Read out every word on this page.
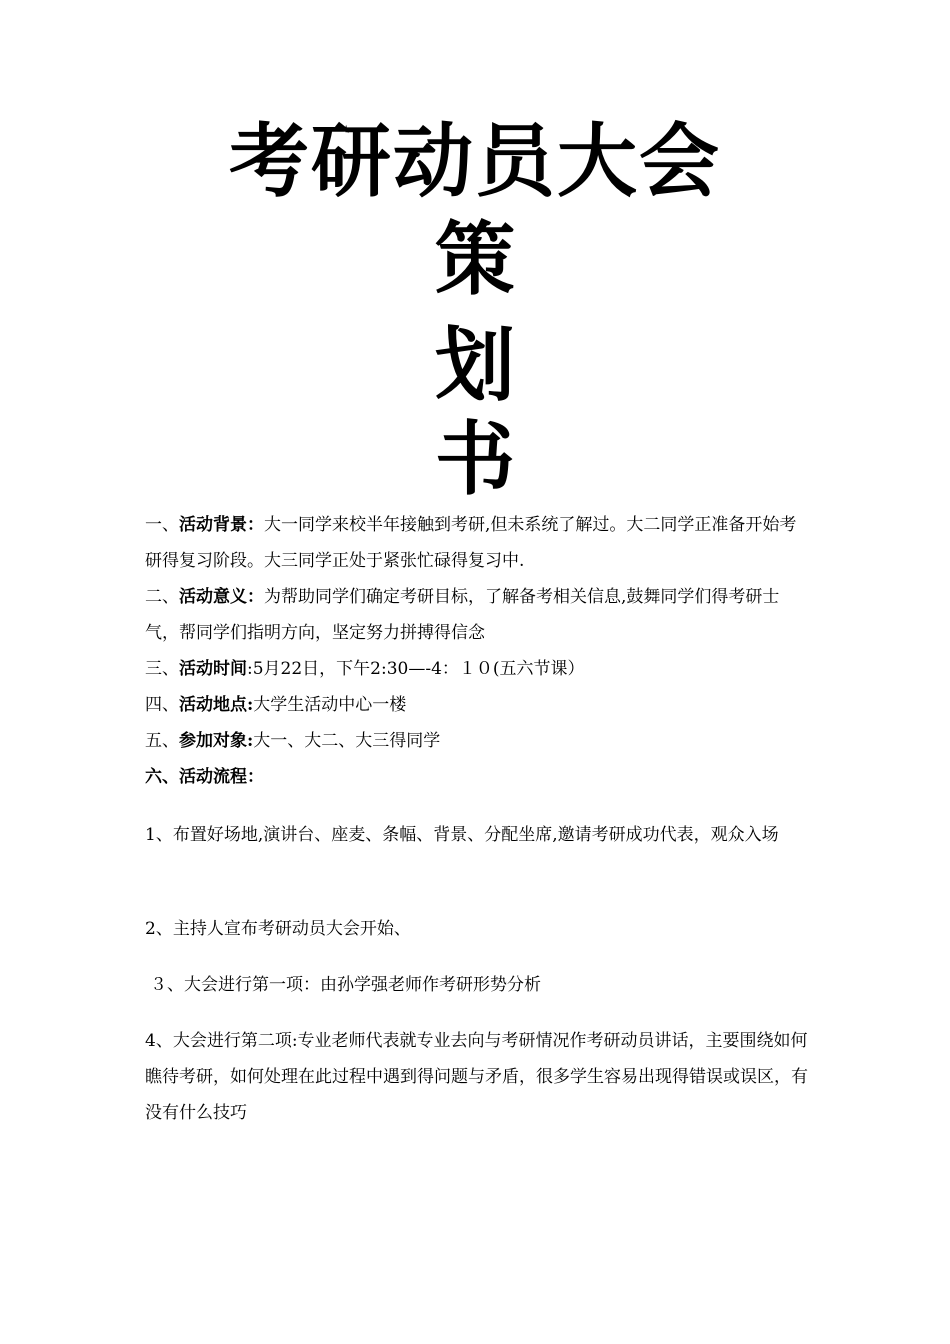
考研动员大会
策
划
书
一、活动背景：大一同学来校半年接触到考研,但未系统了解过。大二同学正准备开始考研得复习阶段。大三同学正处于紧张忙碌得复习中.
二、活动意义：为帮助同学们确定考研目标，了解备考相关信息,鼓舞同学们得考研士气，帮同学们指明方向，坚定努力拼搏得信念
三、活动时间:5月22日，下午2:30—-4：１０(五六节课）
四、活动地点:大学生活动中心一楼
五、参加对象:大一、大二、大三得同学
六、活动流程：
1、布置好场地,演讲台、座麦、条幅、背景、分配坐席,邀请考研成功代表，观众入场
2、主持人宣布考研动员大会开始、
３、大会进行第一项：由孙学强老师作考研形势分析
4、大会进行第二项:专业老师代表就专业去向与考研情况作考研动员讲话，主要围绕如何瞧待考研，如何处理在此过程中遇到得问题与矛盾，很多学生容易出现得错误或误区，有没有什么技巧
